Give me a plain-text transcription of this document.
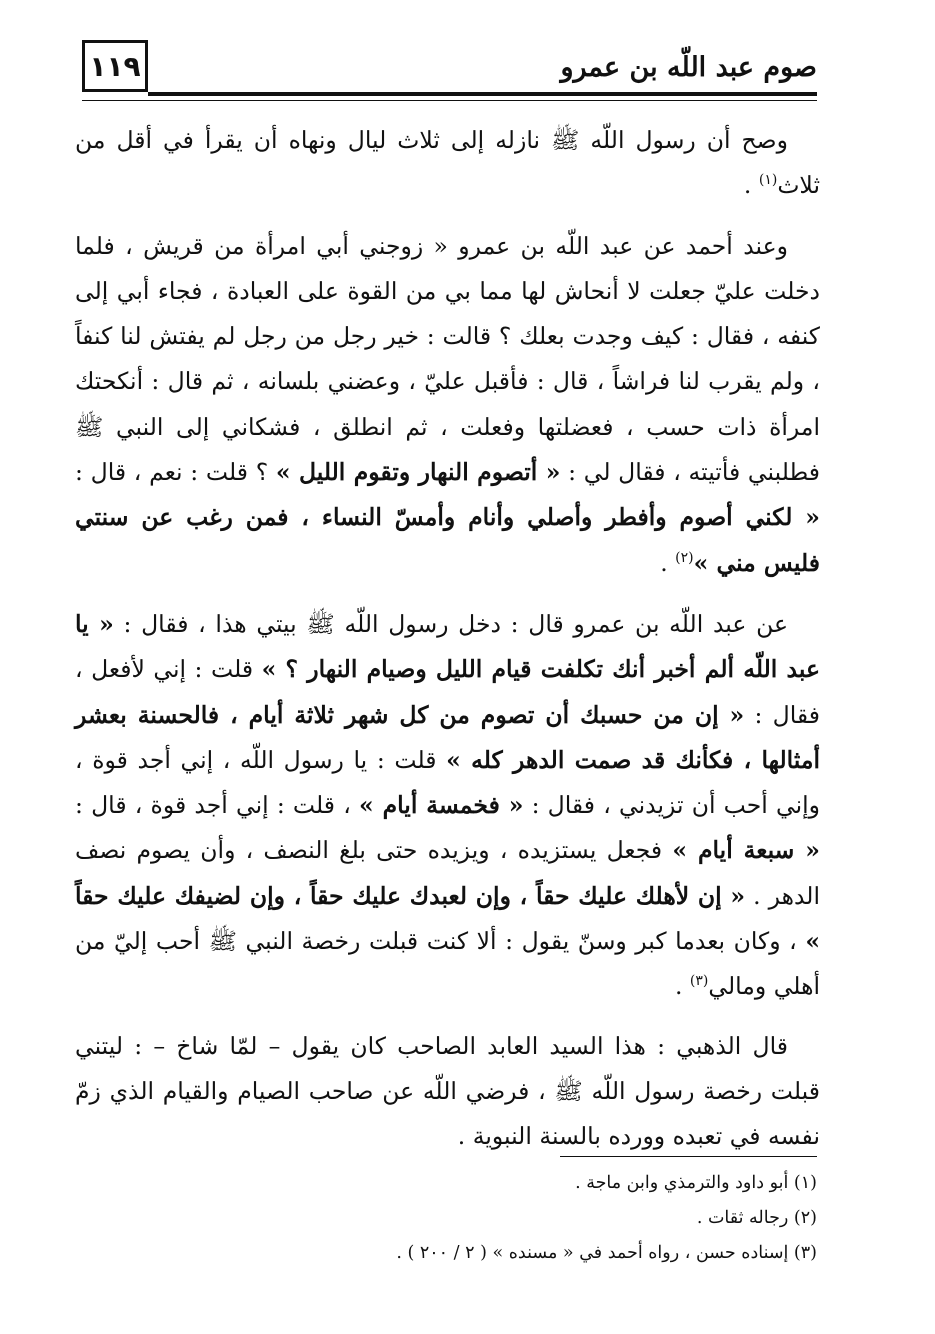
١١٩	صوم عبد اللّه بن عمرو

وصح أن رسول اللّه ﷺ نازله إلى ثلاث ليال ونهاه أن يقرأ في أقل من ثلاث$^{(١)}$ .

وعند أحمد عن عبد اللّه بن عمرو « زوجني أبي امرأة من قريش ، فلما دخلت عليّ جعلت لا أنحاش لها مما بي من القوة على العبادة ، فجاء أبي إلى كنفه ، فقال : كيف وجدت بعلك ؟ قالت : خير رجل من رجل لم يفتش لنا كنفاً ، ولم يقرب لنا فراشاً ، قال : فأقبل عليّ ، وعضني بلسانه ، ثم قال : أنكحتك امرأة ذات حسب ، فعضلتها وفعلت ، ثم انطلق ، فشكاني إلى النبي ﷺ فطلبني فأتيته ، فقال لي : « أتصوم النهار وتقوم الليل » ؟ قلت : نعم ، قال : « لكني أصوم وأفطر وأصلي وأنام وأمسّ النساء ، فمن رغب عن سنتي فليس مني »$^{(٢)}$ .

عن عبد اللّه بن عمرو قال : دخل رسول اللّه ﷺ بيتي هذا ، فقال : « يا عبد اللّه ألم أخبر أنك تكلفت قيام الليل وصيام النهار ؟ » قلت : إني لأفعل ، فقال : « إن من حسبك أن تصوم من كل شهر ثلاثة أيام ، فالحسنة بعشر أمثالها ، فكأنك قد صمت الدهر كله » قلت : يا رسول اللّه ، إني أجد قوة ، وإني أحب أن تزيدني ، فقال : « فخمسة أيام » ، قلت : إني أجد قوة ، قال : « سبعة أيام » فجعل يستزيده ، ويزيده حتى بلغ النصف ، وأن يصوم نصف الدهر . « إن لأهلك عليك حقاً ، وإن لعبدك عليك حقاً ، وإن لضيفك عليك حقاً » ، وكان بعدما كبر وسنّ يقول : ألا كنت قبلت رخصة النبي ﷺ أحب إليّ من أهلي ومالي$^{(٣)}$ .

قال الذهبي : هذا السيد العابد الصاحب كان يقول – لمّا شاخ – : ليتني قبلت رخصة رسول اللّه ﷺ ، فرضي اللّه عن صاحب الصيام والقيام الذي زمّ نفسه في تعبده وورده بالسنة النبوية .

(١) أبو داود والترمذي وابن ماجة .
(٢) رجاله ثقات .
(٣) إسناده حسن ، رواه أحمد في « مسنده » ( ٢ / ٢٠٠ ) .
